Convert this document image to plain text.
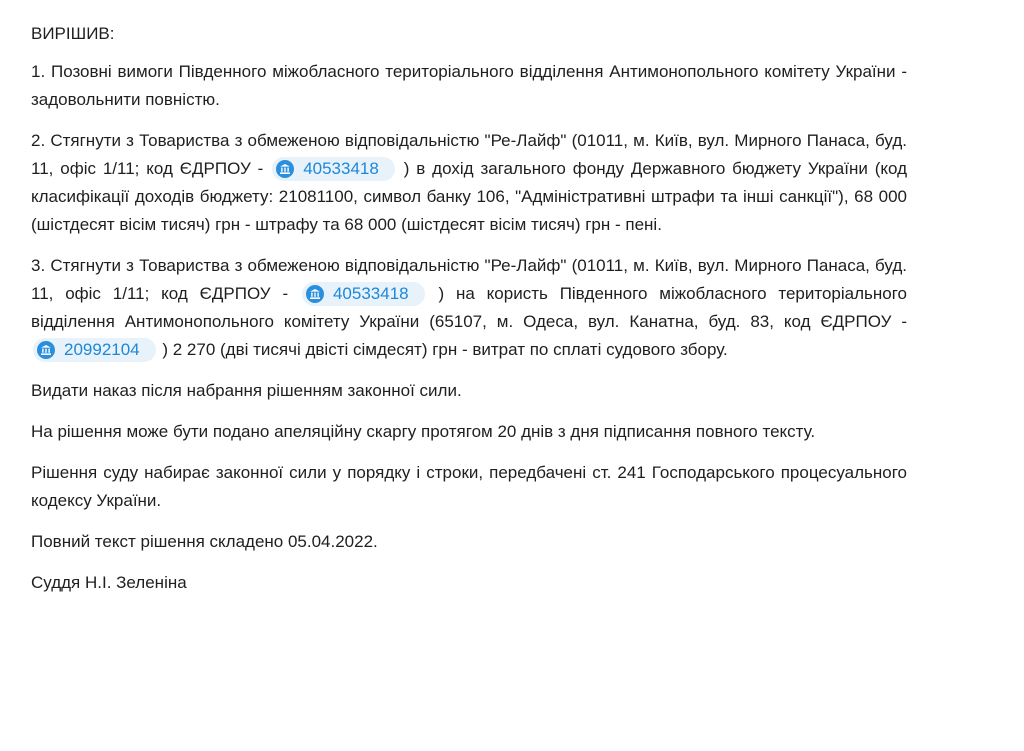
ВИРІШИВ:

1. Позовні вимоги Південного міжобласного територіального відділення Антимонопольного комітету України - задовольнити повністю.

2. Стягнути з Товариства з обмеженою відповідальністю "Ре-Лайф" (01011, м. Київ, вул. Мирного Панаса, буд. 11, офіс 1/11; код ЄДРПОУ - 40533418 ) в дохід загального фонду Державного бюджету України (код класифікації доходів бюджету: 21081100, символ банку 106, "Адміністративні штрафи та інші санкції"), 68 000 (шістдесят вісім тисяч) грн - штрафу та 68 000 (шістдесят вісім тисяч) грн - пені.

3. Стягнути з Товариства з обмеженою відповідальністю "Ре-Лайф" (01011, м. Київ, вул. Мирного Панаса, буд. 11, офіс 1/11; код ЄДРПОУ -	40533418 ) на користь Південного міжобласного територіального відділення Антимонопольного комітету України (65107, м. Одеса, вул. Канатна, буд. 83, код ЄДРПОУ -
20992104 ) 2 270 (дві тисячі двісті сімдесят) грн - витрат по сплаті судового збору.

Видати наказ після набрання рішенням законної сили.

На рішення може бути подано апеляційну скаргу протягом 20 днів з дня підписання повного тексту.

Рішення суду набирає законної сили у порядку і строки, передбачені ст. 241 Господарського процесуального кодексу України.

Повний текст рішення складено 05.04.2022.

Суддя Н.І. Зеленіна
